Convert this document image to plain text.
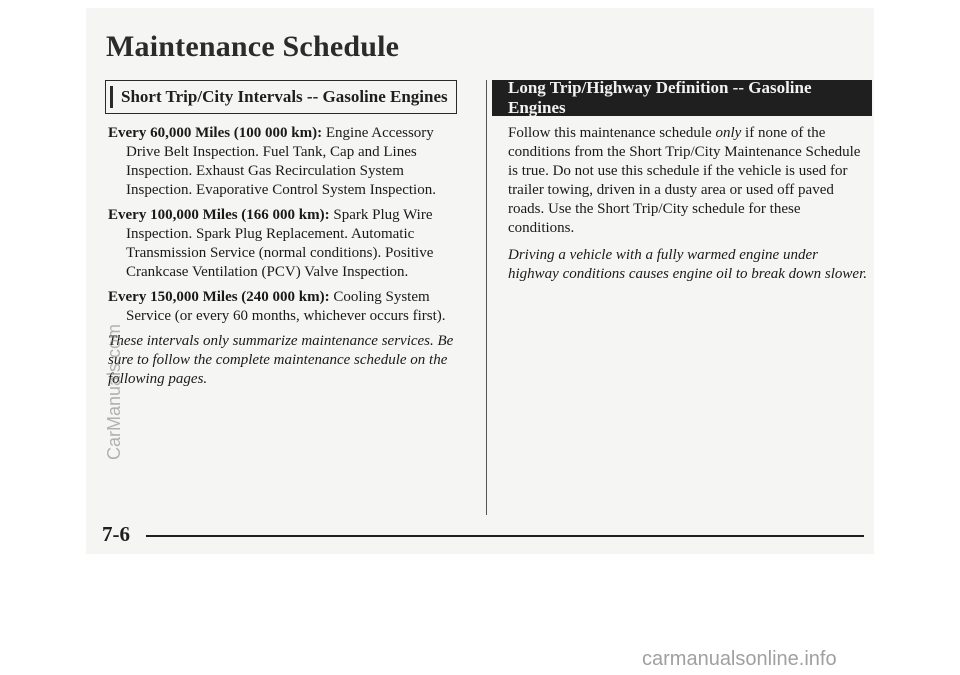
Maintenance Schedule
Short Trip/City Intervals -- Gasoline Engines	Long Trip/Highway Definition -- Gasoline Engines
Every 60,000 Miles (100 000 km): Engine Accessory Drive Belt Inspection. Fuel Tank, Cap and Lines Inspection. Exhaust Gas Recirculation System Inspection. Evaporative Control System Inspection.
Every 100,000 Miles (166 000 km): Spark Plug Wire Inspection. Spark Plug Replacement. Automatic Transmission Service (normal conditions). Positive Crankcase Ventilation (PCV) Valve Inspection.
Every 150,000 Miles (240 000 km): Cooling System Service (or every 60 months, whichever occurs first).
These intervals only summarize maintenance services. Be sure to follow the complete maintenance schedule on the following pages.

Follow this maintenance schedule only if none of the conditions from the Short Trip/City Maintenance Schedule is true. Do not use this schedule if the vehicle is used for trailer towing, driven in a dusty area or used off paved roads. Use the Short Trip/City schedule for these conditions.

Driving a vehicle with a fully warmed engine under highway conditions causes engine oil to break down slower.

7-6
CarManuals.com
carmanualsonline.info
